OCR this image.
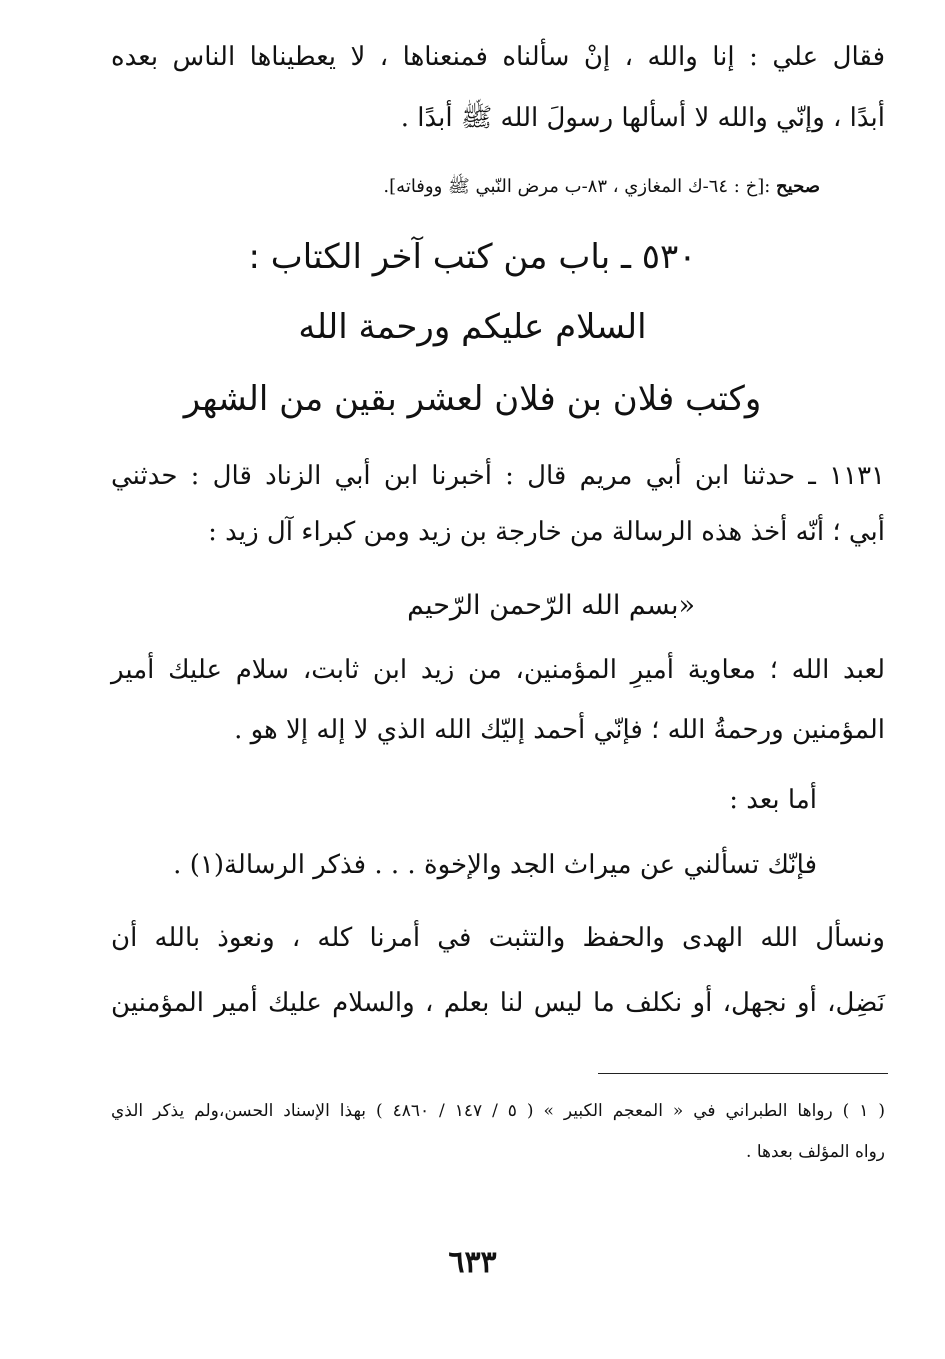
فقال علي : إنا والله ، إنْ سألناه فمنعناها ، لا يعطيناها الناس بعده
أبدًا ، وإنّي والله لا أسألها رسولَ الله ﷺ أبدًا .
صحيح :[خ : ٦٤-ك المغازي ، ٨٣-ب مرض النّبي ﷺ ووفاته].
٥٣٠ ـ باب من كتب آخر الكتاب :
السلام عليكم ورحمة الله
وكتب فلان بن فلان لعشر بقين من الشهر
١١٣١ ـ حدثنا ابن أبي مريم قال : أخبرنا ابن أبي الزناد قال : حدثني
أبي ؛ أنّه أخذ هذه الرسالة من خارجة بن زيد ومن كبراء آل زيد :
«بسم الله الرّحمن الرّحيم
لعبد الله ؛ معاوية أميرِ المؤمنين، من زيد ابن ثابت، سلام عليك أمير
المؤمنين ورحمةُ الله ؛ فإنّي أحمد إليّك الله الذي لا إله إلا هو .
أما بعد :
فإنّك تسألني عن ميراث الجد والإخوة . . . فذكر الرسالة(١) .
ونسأل الله الهدى والحفظ والتثبت في أمرنا كله ، ونعوذ بالله أن
نَضِل، أو نجهل، أو نكلف ما ليس لنا بعلم ، والسلام عليك أمير المؤمنين
( ١ ) رواها الطبراني في « المعجم الكبير » ( ٥ / ١٤٧ / ٤٨٦٠ ) بهذا الإسناد الحسن،ولم يذكر الذي
رواه المؤلف بعدها .
٦٣٣
